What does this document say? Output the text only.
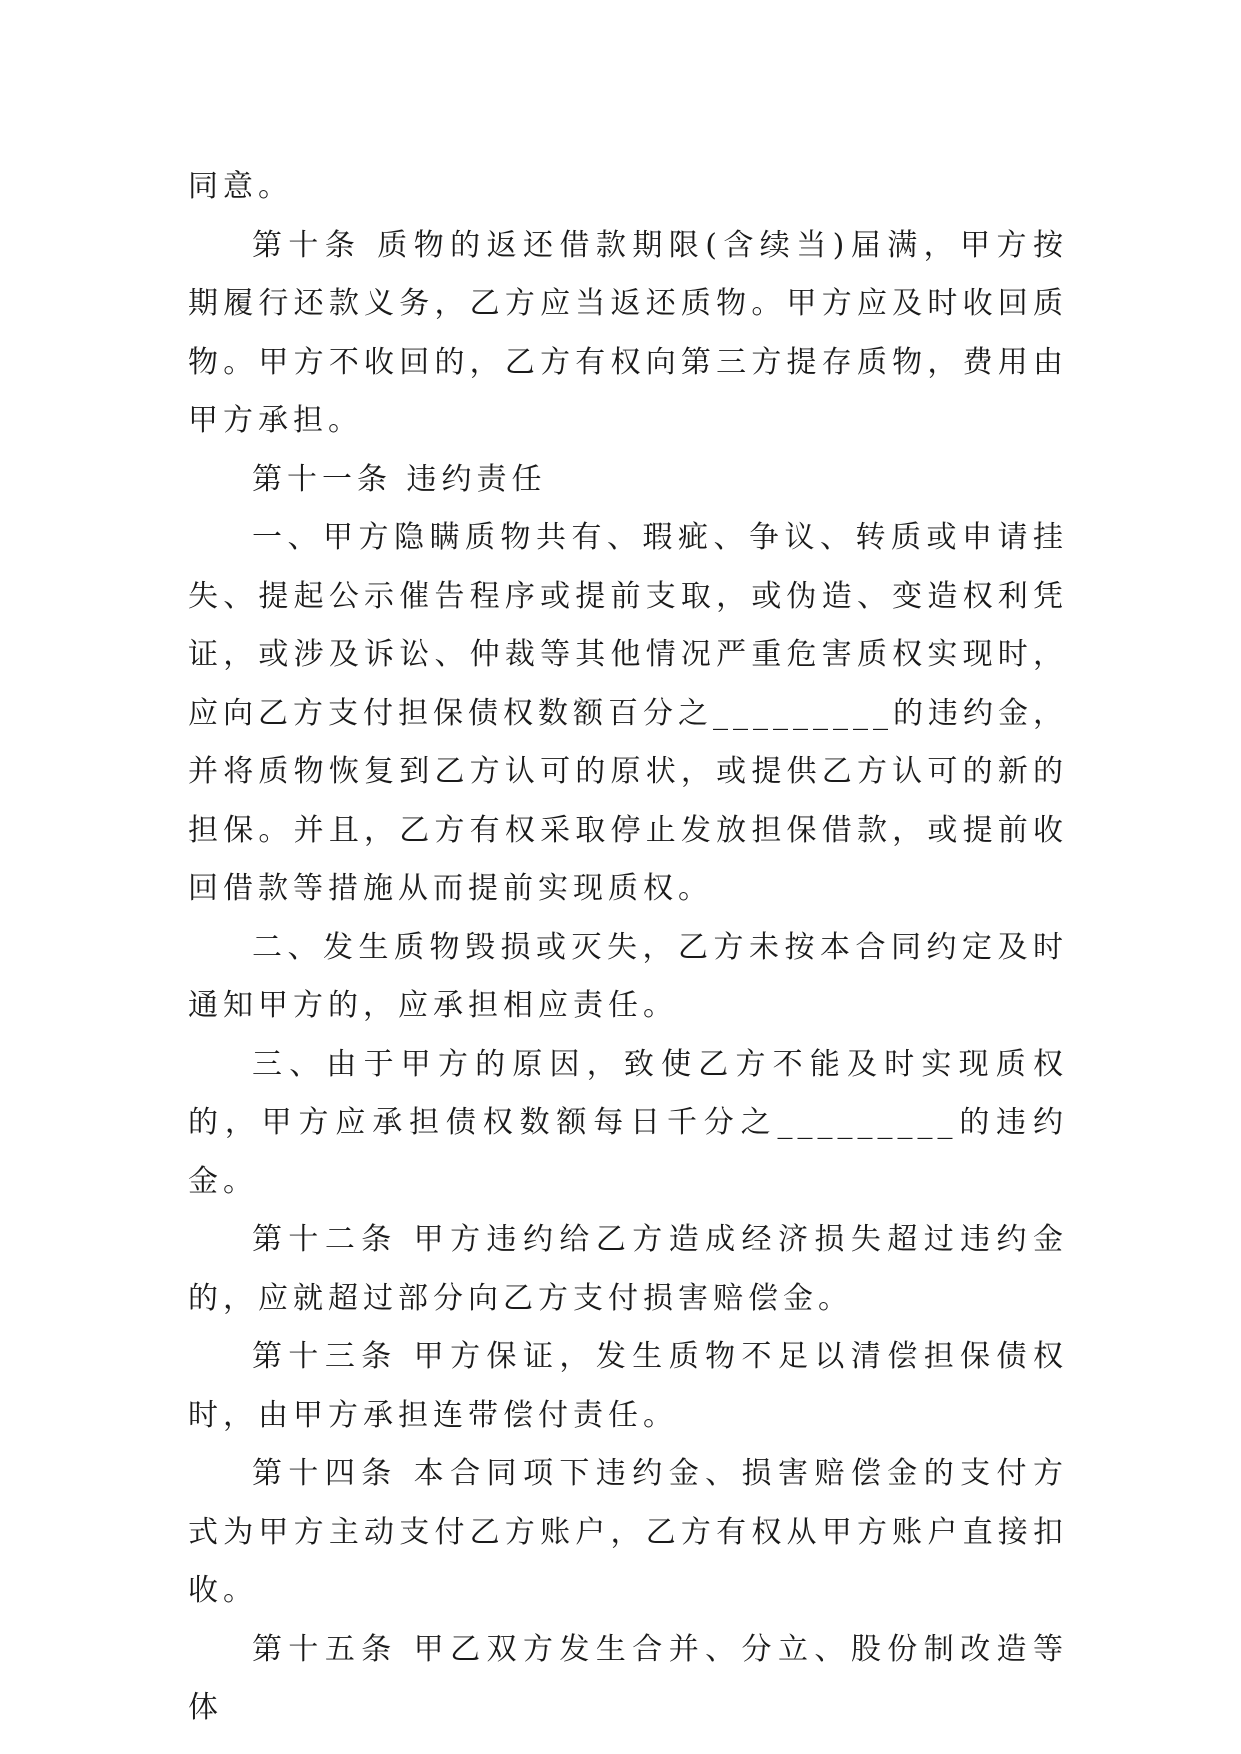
同意。

第十条 质物的返还借款期限(含续当)届满，甲方按期履行还款义务，乙方应当返还质物。甲方应及时收回质物。甲方不收回的，乙方有权向第三方提存质物，费用由甲方承担。

第十一条 违约责任

一、甲方隐瞒质物共有、瑕疵、争议、转质或申请挂失、提起公示催告程序或提前支取，或伪造、变造权利凭证，或涉及诉讼、仲裁等其他情况严重危害质权实现时，应向乙方支付担保债权数额百分之_________的违约金，并将质物恢复到乙方认可的原状，或提供乙方认可的新的担保。并且，乙方有权采取停止发放担保借款，或提前收回借款等措施从而提前实现质权。

二、发生质物毁损或灭失，乙方未按本合同约定及时通知甲方的，应承担相应责任。

三、由于甲方的原因，致使乙方不能及时实现质权的，甲方应承担债权数额每日千分之_________的违约金。

第十二条 甲方违约给乙方造成经济损失超过违约金的，应就超过部分向乙方支付损害赔偿金。

第十三条 甲方保证，发生质物不足以清偿担保债权时，由甲方承担连带偿付责任。

第十四条 本合同项下违约金、损害赔偿金的支付方式为甲方主动支付乙方账户，乙方有权从甲方账户直接扣收。

第十五条 甲乙双方发生合并、分立、股份制改造等体
